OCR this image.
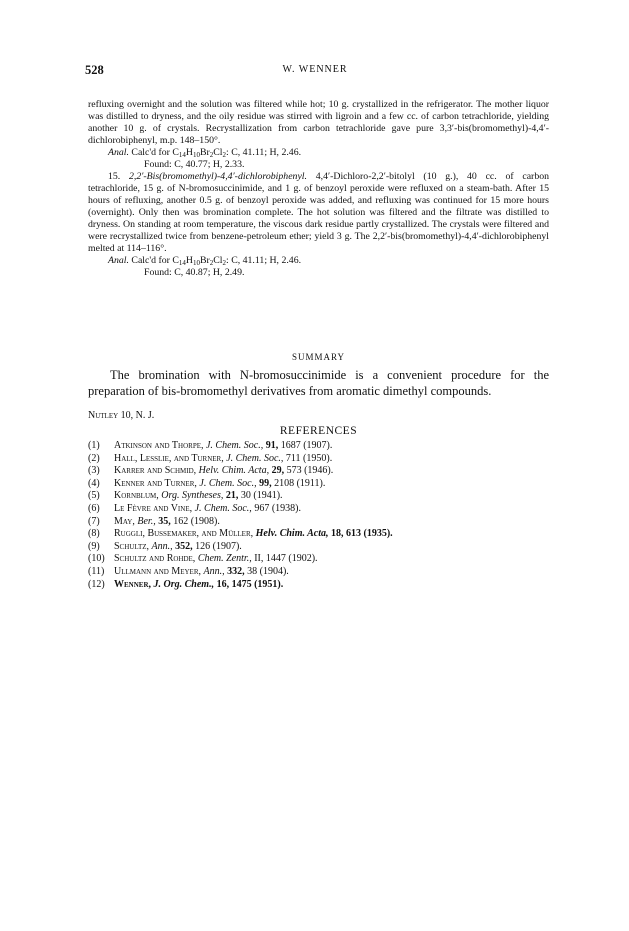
528	W. WENNER

refluxing overnight and the solution was filtered while hot; 10 g. crystallized in the refrigerator. The mother liquor was distilled to dryness, and the oily residue was stirred with ligroin and a few cc. of carbon tetrachloride, yielding another 10 g. of crystals. Recrystallization from carbon tetrachloride gave pure 3,3′-bis(bromomethyl)-4,4′-dichlorobiphenyl, m.p. 148–150°.

Anal. Calc'd for $C_{14}H_{10}Br_2Cl_2$: C, 41.11; H, 2.46.

Found: C, 40.77; H, 2.33.

15. 2,2′-Bis(bromomethyl)-4,4′-dichlorobiphenyl. 4,4′-Dichloro-2,2′-bitolyl (10 g.), 40 cc. of carbon tetrachloride, 15 g. of N-bromosuccinimide, and 1 g. of benzoyl peroxide were refluxed on a steam-bath. After 15 hours of refluxing, another 0.5 g. of benzoyl peroxide was added, and refluxing was continued for 15 more hours (overnight). Only then was bromination complete. The hot solution was filtered and the filtrate was distilled to dryness. On standing at room temperature, the viscous dark residue partly crystallized. The crystals were filtered and were recrystallized twice from benzene-petroleum ether; yield 3 g. The 2,2′-bis(bromomethyl)-4,4′-dichlorobiphenyl melted at 114–116°.

Anal. Calc'd for $C_{14}H_{10}Br_2Cl_2$: C, 41.11; H, 2.46.

Found: C, 40.87; H, 2.49.

SUMMARY

The bromination with N-bromosuccinimide is a convenient procedure for the preparation of bis-bromomethyl derivatives from aromatic dimethyl compounds.

Nutley 10, N. J.
REFERENCES
(1)	Atkinson and Thorpe, J. Chem. Soc., 91, 1687 (1907).
(2)	Hall, Lesslie, and Turner, J. Chem. Soc., 711 (1950).
(3)	Karrer and Schmid, Helv. Chim. Acta, 29, 573 (1946).
(4)	Kenner and Turner, J. Chem. Soc., 99, 2108 (1911).
(5)	Kornblum, Org. Syntheses, 21, 30 (1941).
(6)	Le Fèvre and Vine, J. Chem. Soc., 967 (1938).
(7)	May, Ber., 35, 162 (1908).
(8)	Ruggli, Bussemaker, and Müller, Helv. Chim. Acta, 18, 613 (1935).
(9)	Schultz, Ann., 352, 126 (1907).
(10) Schultz and Rohde, Chem. Zentr., II, 1447 (1902).
(11) Ullmann and Meyer, Ann., 332, 38 (1904).
(12) Wenner, J. Org. Chem., 16, 1475 (1951).
